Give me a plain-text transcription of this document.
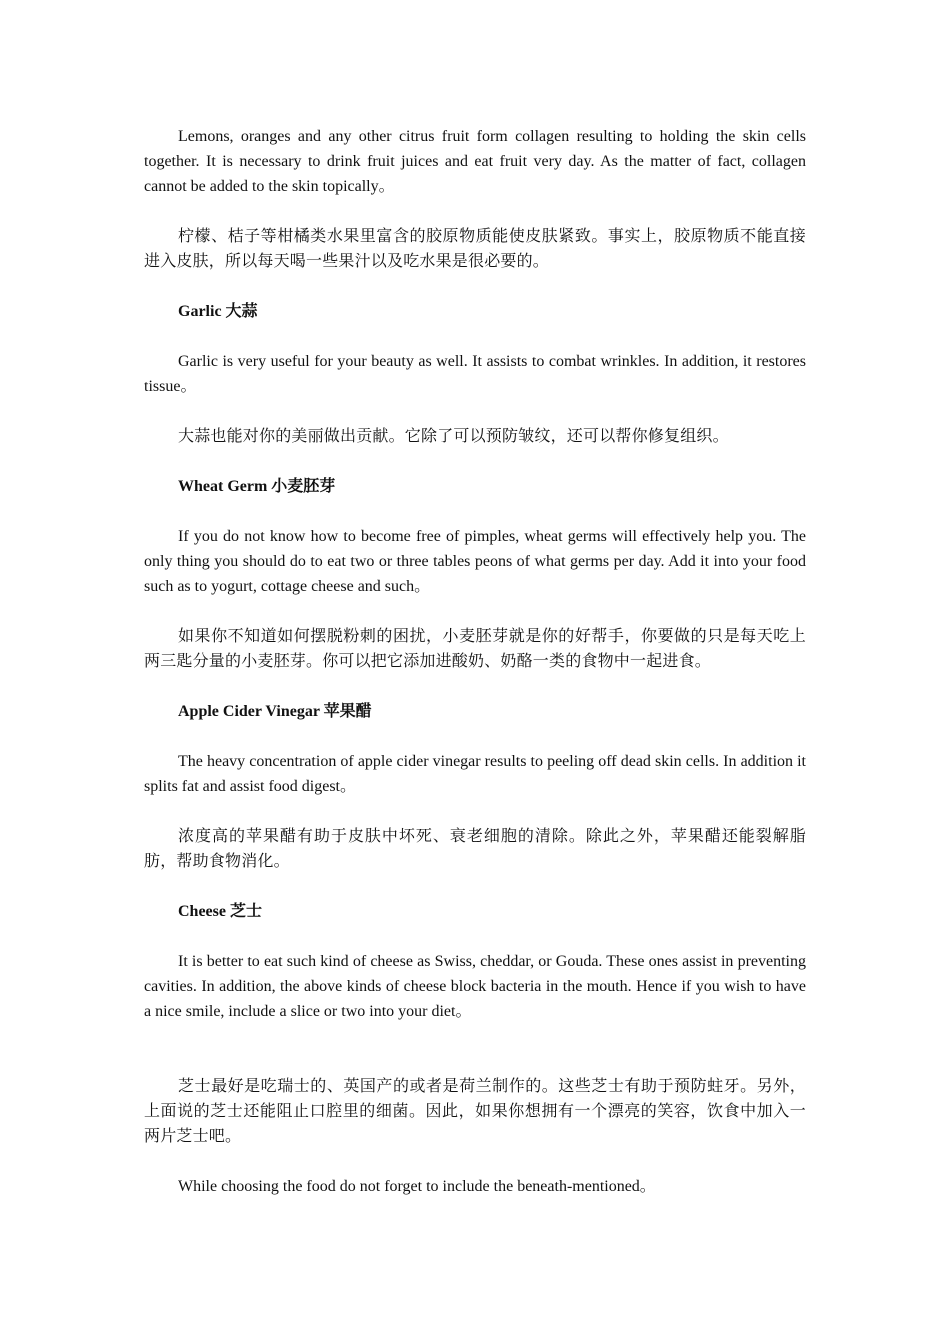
Lemons, oranges and any other citrus fruit form collagen resulting to holding the skin cells together. It is necessary to drink fruit juices and eat fruit very day. As the matter of fact, collagen cannot be added to the skin topically。

柠檬、桔子等柑橘类水果里富含的胶原物质能使皮肤紧致。事实上，胶原物质不能直接进入皮肤，所以每天喝一些果汁以及吃水果是很必要的。

Garlic 大蒜

Garlic is very useful for your beauty as well. It assists to combat wrinkles. In addition, it restores tissue。

大蒜也能对你的美丽做出贡献。它除了可以预防皱纹，还可以帮你修复组织。

Wheat Germ 小麦胚芽

If you do not know how to become free of pimples, wheat germs will effectively help you. The only thing you should do to eat two or three tables peons of what germs per day. Add it into your food such as to yogurt, cottage cheese and such。

如果你不知道如何摆脱粉刺的困扰，小麦胚芽就是你的好帮手，你要做的只是每天吃上两三匙分量的小麦胚芽。你可以把它添加进酸奶、奶酪一类的食物中一起进食。

Apple Cider Vinegar 苹果醋

The heavy concentration of apple cider vinegar results to peeling off dead skin cells. In addition it splits fat and assist food digest。

浓度高的苹果醋有助于皮肤中坏死、衰老细胞的清除。除此之外，苹果醋还能裂解脂肪，帮助食物消化。

Cheese 芝士

It is better to eat such kind of cheese as Swiss, cheddar, or Gouda. These ones assist in preventing cavities. In addition, the above kinds of cheese block bacteria in the mouth. Hence if you wish to have a nice smile, include a slice or two into your diet。

芝士最好是吃瑞士的、英国产的或者是荷兰制作的。这些芝士有助于预防蛀牙。另外，上面说的芝士还能阻止口腔里的细菌。因此，如果你想拥有一个漂亮的笑容，饮食中加入一两片芝士吧。

While choosing the food do not forget to include the beneath-mentioned。
